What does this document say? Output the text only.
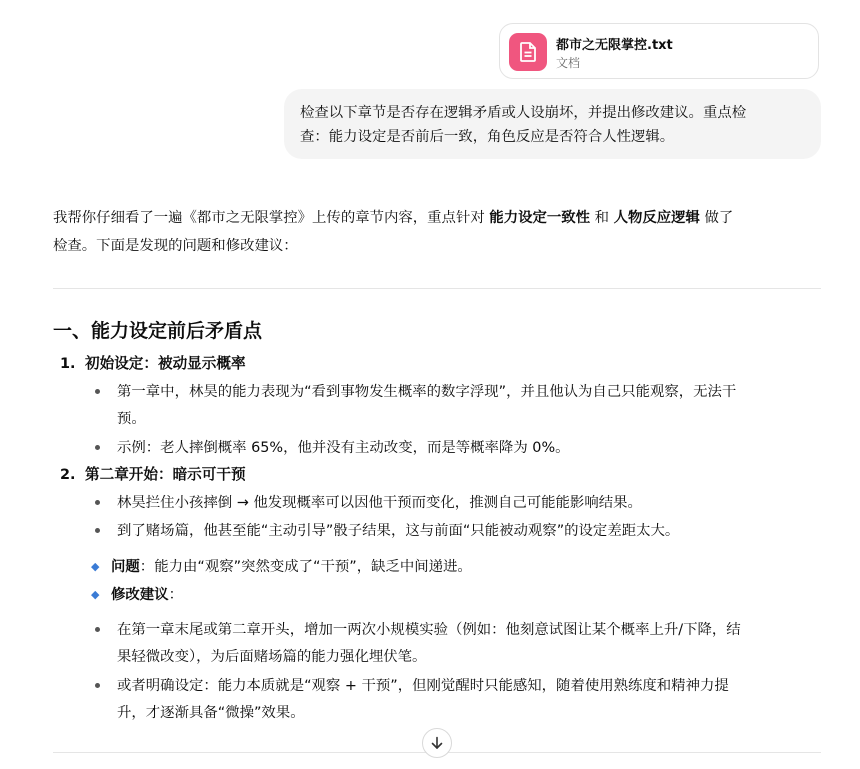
都市之无限掌控.txt
文档
检查以下章节是否存在逻辑矛盾或人设崩坏，并提出修改建议。重点检
查：能力设定是否前后一致，角色反应是否符合人性逻辑。
我帮你仔细看了一遍《都市之无限掌控》上传的章节内容，重点针对 能力设定一致性 和 人物反应逻辑 做了
检查。下面是发现的问题和修改建议：
一、能力设定前后矛盾点
1. 初始设定：被动显示概率
第一章中，林昊的能力表现为“看到事物发生概率的数字浮现”，并且他认为自己只能观察，无法干
预。
示例：老人摔倒概率 65%，他并没有主动改变，而是等概率降为 0%。
2. 第二章开始：暗示可干预
林昊拦住小孩摔倒 → 他发现概率可以因他干预而变化，推测自己可能能影响结果。
到了赌场篇，他甚至能“主动引导”骰子结果，这与前面“只能被动观察”的设定差距太大。
◆ 问题：能力由“观察”突然变成了“干预”，缺乏中间递进。
◆ 修改建议：
在第一章末尾或第二章开头，增加一两次小规模实验（例如：他刻意试图让某个概率上升/下降，结
果轻微改变），为后面赌场篇的能力强化埋伏笔。
或者明确设定：能力本质就是“观察 + 干预”，但刚觉醒时只能感知，随着使用熟练度和精神力提
升，才逐渐具备“微操”效果。
